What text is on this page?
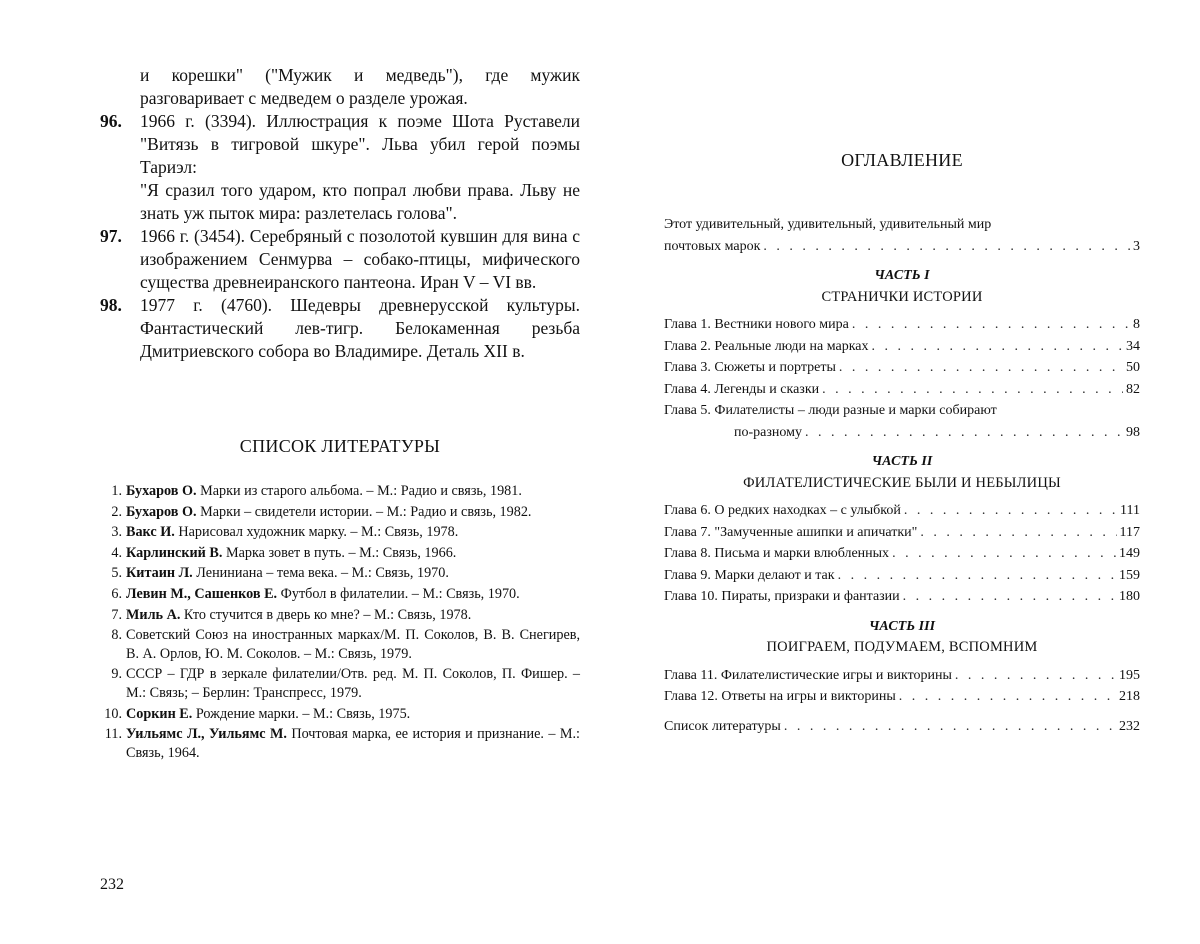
и корешки" ("Мужик и медведь"), где мужик разговаривает с медведем о разделе урожая.

96. 1966 г. (3394). Иллюстрация к поэме Шота Руставели "Витязь в тигровой шкуре". Льва убил герой поэмы Тариэл:
"Я сразил того ударом, кто попрал любви права. Льву не знать уж пыток мира: разлетелась голова".

97. 1966 г. (3454). Серебряный с позолотой кувшин для вина с изображением Сенмурва – собако-птицы, мифического существа древнеиранского пантеона. Иран V – VI вв.

98. 1977 г. (4760). Шедевры древнерусской культуры. Фантастический лев-тигр. Белокаменная резьба Дмитриевского собора во Владимире. Деталь XII в.

СПИСОК ЛИТЕРАТУРЫ
1. Бухаров О. Марки из старого альбома. – М.: Радио и связь, 1981.
2. Бухаров О. Марки – свидетели истории. – М.: Радио и связь, 1982.
3. Вакс И. Нарисовал художник марку. – М.: Связь, 1978.
4. Карлинский В. Марка зовет в путь. – М.: Связь, 1966.
5. Китаин Л. Лениниана – тема века. – М.: Связь, 1970.
6. Левин М., Сашенков Е. Футбол в филателии. – М.: Связь, 1970.
7. Миль А. Кто стучится в дверь ко мне? – М.: Связь, 1978.
8. Советский Союз на иностранных марках/М. П. Соколов, В. В. Снегирев, В. А. Орлов, Ю. М. Соколов. – М.: Связь, 1979.
9. СССР – ГДР в зеркале филателии/Отв. ред. М. П. Соколов, П. Фишер. – М.: Связь; – Берлин: Транспресс, 1979.
10. Соркин Е. Рождение марки. – М.: Связь, 1975.
11. Уильямс Л., Уильямс М. Почтовая марка, ее история и признание. – М.: Связь, 1964.
232
ОГЛАВЛЕНИЕ
Этот удивительный, удивительный, удивительный мир
почтовых марок . . .	3
ЧАСТЬ I
СТРАНИЧКИ ИСТОРИИ
Глава 1. Вестники нового мира . . .	8
Глава 2. Реальные люди на марках . . .	34
Глава 3. Сюжеты и портреты . . .	50
Глава 4. Легенды и сказки . . .	82
Глава 5. Филателисты – люди разные и марки собирают
по-разному . . .	98
ЧАСТЬ II
ФИЛАТЕЛИСТИЧЕСКИЕ БЫЛИ И НЕБЫЛИЦЫ
Глава 6. О редких находках – с улыбкой . . .	111
Глава 7. "Замученные ашипки и апичатки" . . .	117
Глава 8. Письма и марки влюбленных . . .	149
Глава 9. Марки делают и так . . .	159
Глава 10. Пираты, призраки и фантазии . . .	180
ЧАСТЬ III
ПОИГРАЕМ, ПОДУМАЕМ, ВСПОМНИМ
Глава 11. Филателистические игры и викторины . . .	195
Глава 12. Ответы на игры и викторины . . .	218
Список литературы . . .	232
